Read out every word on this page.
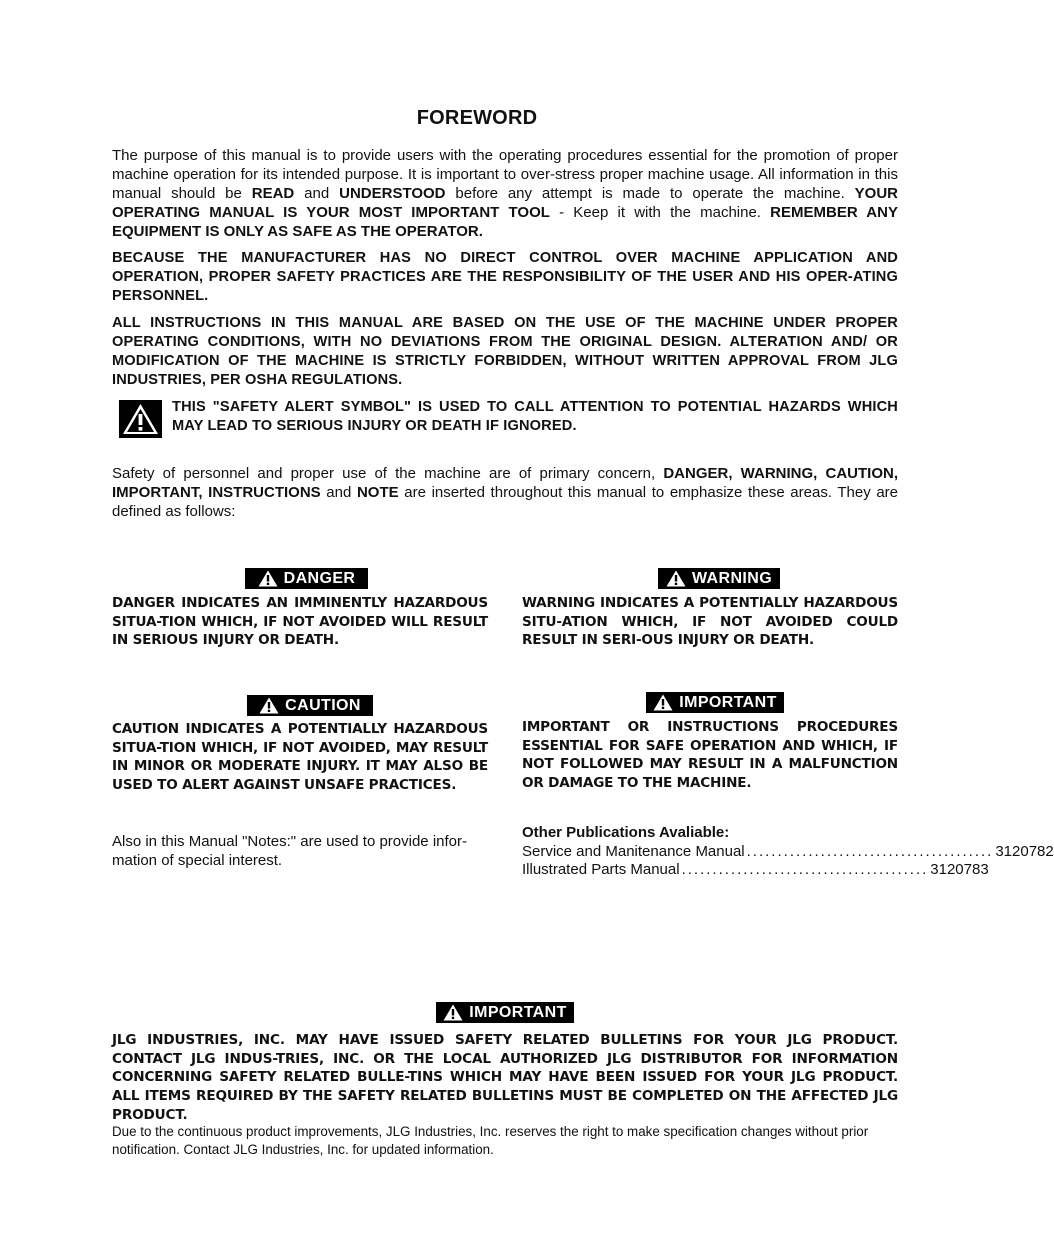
FOREWORD
The purpose of this manual is to provide users with the operating procedures essential for the promotion of proper machine operation for its intended purpose. It is important to over-stress proper machine usage. All information in this manual should be READ and UNDERSTOOD before any attempt is made to operate the machine. YOUR OPERATING MANUAL IS YOUR MOST IMPORTANT TOOL - Keep it with the machine. REMEMBER ANY EQUIPMENT IS ONLY AS SAFE AS THE OPERATOR.
BECAUSE THE MANUFACTURER HAS NO DIRECT CONTROL OVER MACHINE APPLICATION AND OPERATION, PROPER SAFETY PRACTICES ARE THE RESPONSIBILITY OF THE USER AND HIS OPER-ATING PERSONNEL.
ALL INSTRUCTIONS IN THIS MANUAL ARE BASED ON THE USE OF THE MACHINE UNDER PROPER OPERATING CONDITIONS, WITH NO DEVIATIONS FROM THE ORIGINAL DESIGN. ALTERATION AND/ OR MODIFICATION OF THE MACHINE IS STRICTLY FORBIDDEN, WITHOUT WRITTEN APPROVAL FROM JLG INDUSTRIES, PER OSHA REGULATIONS.
THIS "SAFETY ALERT SYMBOL" IS USED TO CALL ATTENTION TO POTENTIAL HAZARDS WHICH MAY LEAD TO SERIOUS INJURY OR DEATH IF IGNORED.
Safety of personnel and proper use of the machine are of primary concern, DANGER, WARNING, CAUTION, IMPORTANT, INSTRUCTIONS and NOTE are inserted throughout this manual to emphasize these areas. They are defined as follows:
DANGER
DANGER INDICATES AN IMMINENTLY HAZARDOUS SITUA-TION WHICH, IF NOT AVOIDED WILL RESULT IN SERIOUS INJURY OR DEATH.
WARNING
WARNING INDICATES A POTENTIALLY HAZARDOUS SITU-ATION WHICH, IF NOT AVOIDED COULD RESULT IN SERI-OUS INJURY OR DEATH.
CAUTION
CAUTION INDICATES A POTENTIALLY HAZARDOUS SITUA-TION WHICH, IF NOT AVOIDED, MAY RESULT IN MINOR OR MODERATE INJURY. IT MAY ALSO BE USED TO ALERT AGAINST UNSAFE PRACTICES.
IMPORTANT
IMPORTANT OR INSTRUCTIONS PROCEDURES ESSENTIAL FOR SAFE OPERATION AND WHICH, IF NOT FOLLOWED MAY RESULT IN A MALFUNCTION OR DAMAGE TO THE MACHINE.
Also in this Manual "Notes:" are used to provide infor-mation of special interest.
Other Publications Avaliable:
Service and Manitenance Manual ........................................ 3120782
Illustrated Parts Manual ........................................ 3120783
IMPORTANT
JLG INDUSTRIES, INC. MAY HAVE ISSUED SAFETY RELATED BULLETINS FOR YOUR JLG PRODUCT. CONTACT JLG INDUS-TRIES, INC. OR THE LOCAL AUTHORIZED JLG DISTRIBUTOR FOR INFORMATION CONCERNING SAFETY RELATED BULLE-TINS WHICH MAY HAVE BEEN ISSUED FOR YOUR JLG PRODUCT. ALL ITEMS REQUIRED BY THE SAFETY RELATED BULLETINS MUST BE COMPLETED ON THE AFFECTED JLG PRODUCT.
Due to the continuous product improvements, JLG Industries, Inc. reserves the right to make specification changes without prior notification. Contact JLG Industries, Inc. for updated information.
